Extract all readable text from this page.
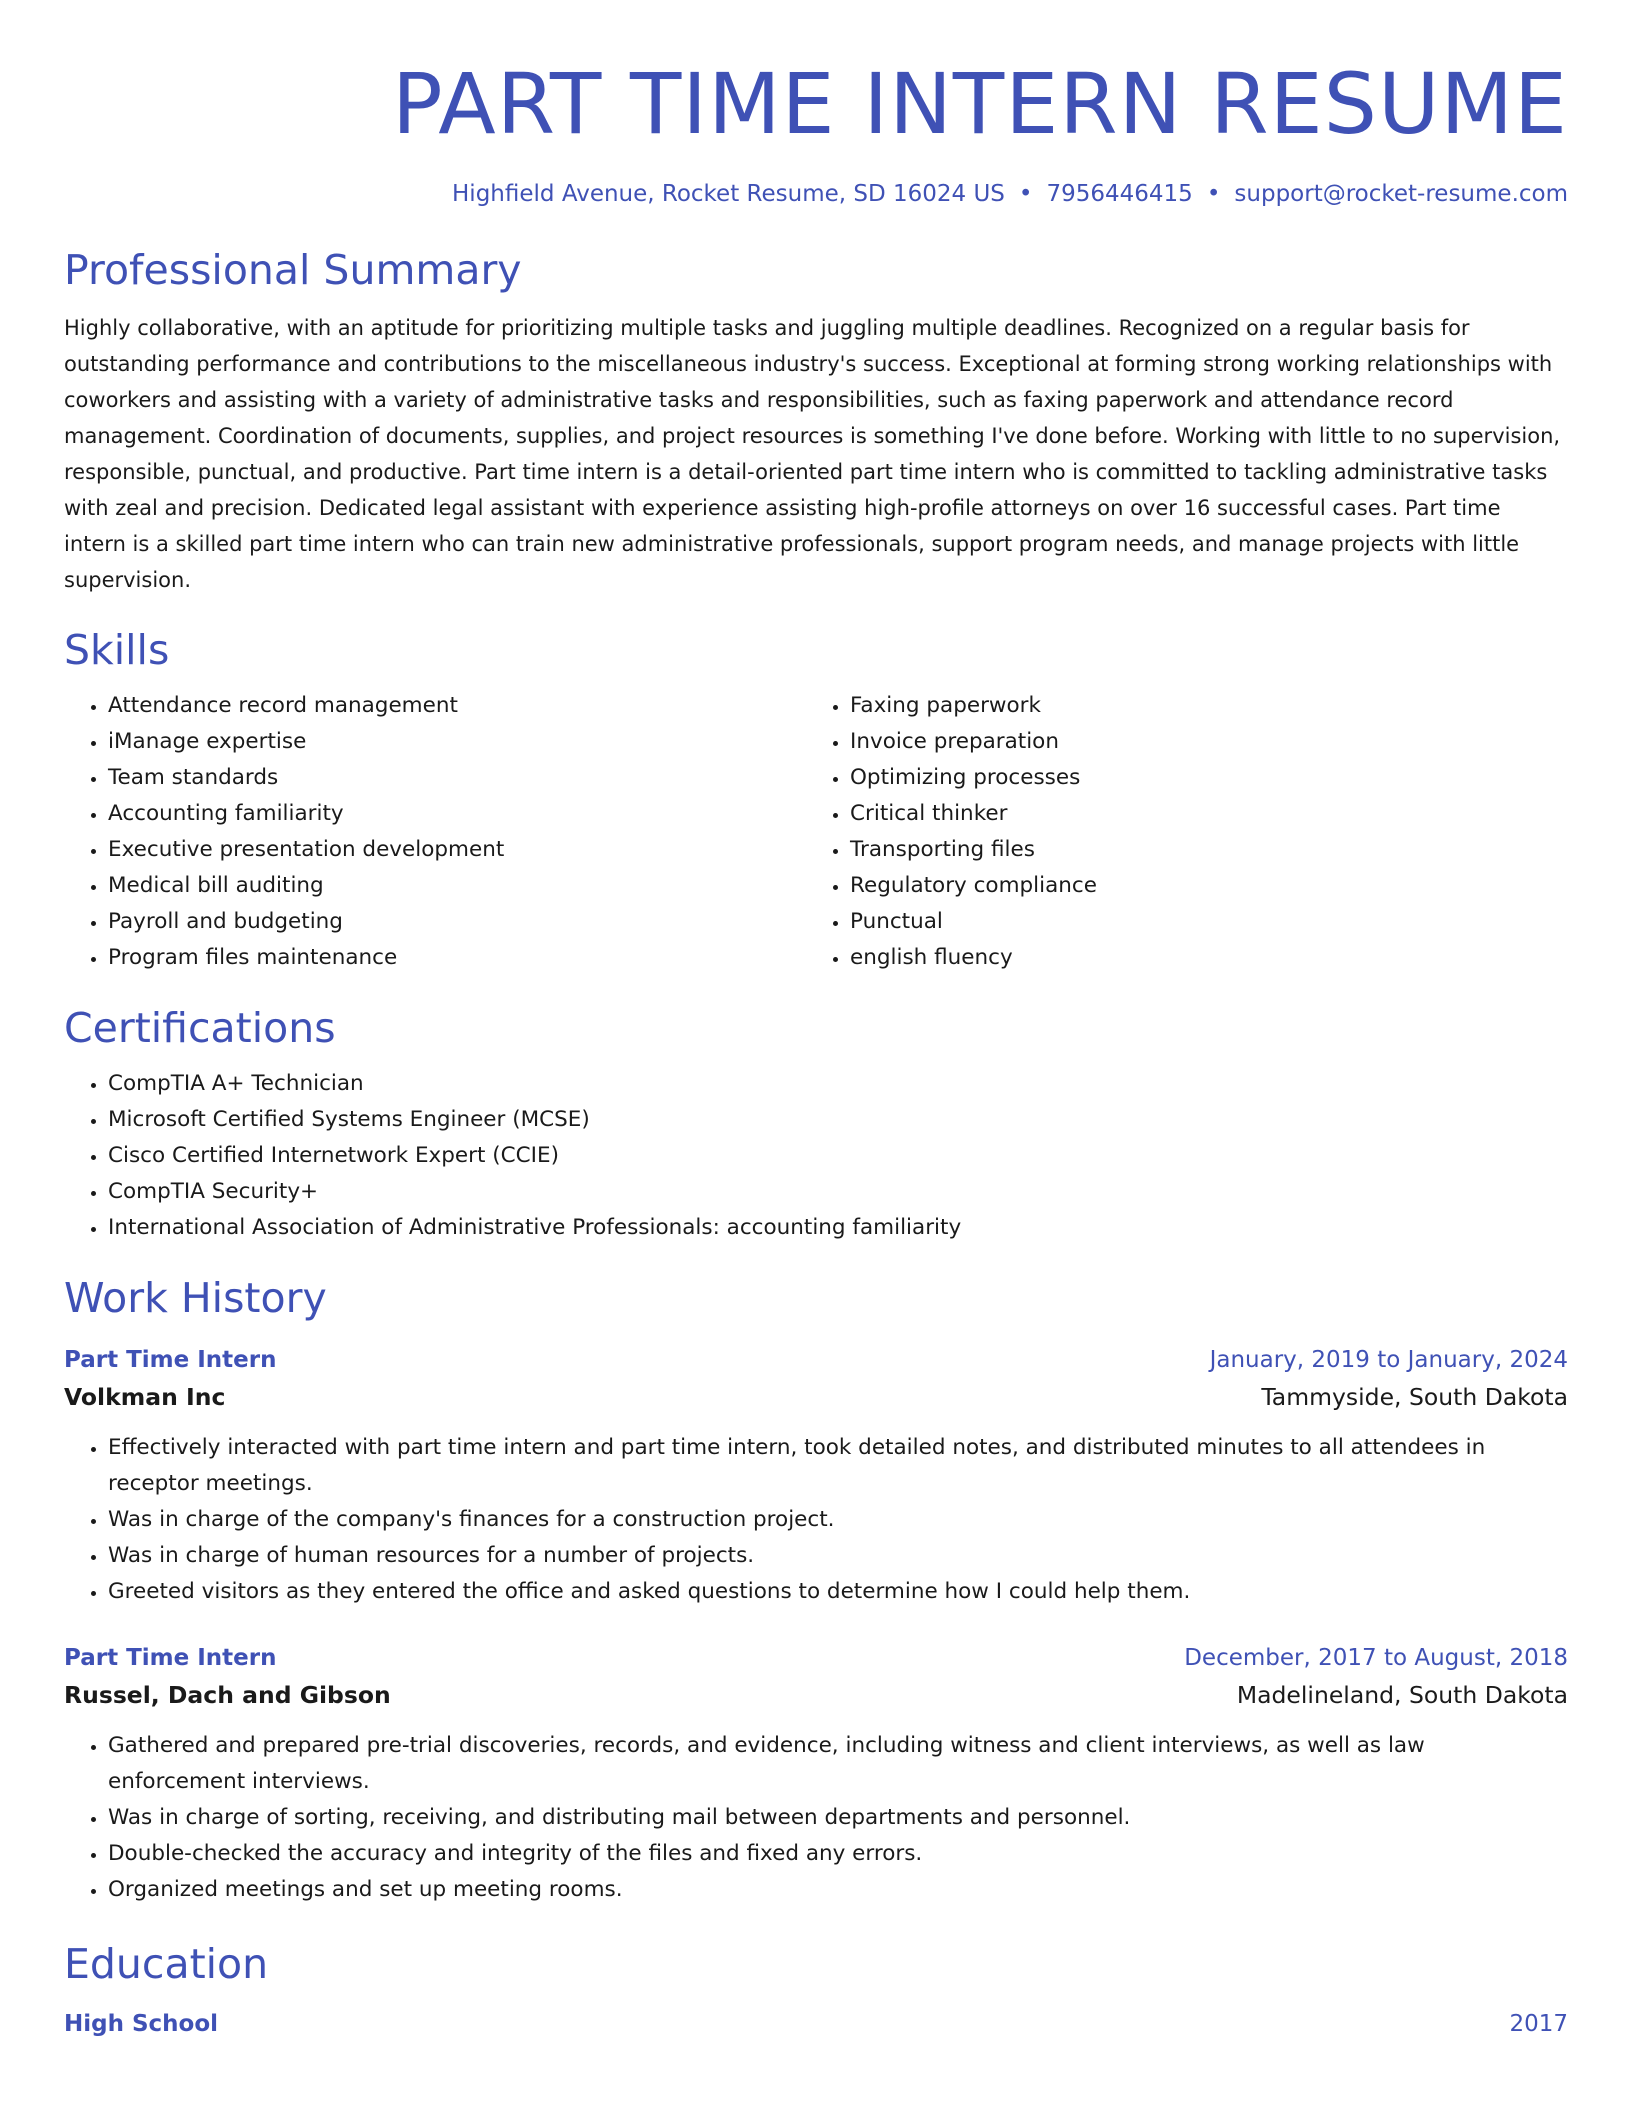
PART TIME INTERN RESUME
Highfield Avenue, Rocket Resume, SD 16024 US • 7956446415 • support@rocket-resume.com
Professional Summary

Highly collaborative, with an aptitude for prioritizing multiple tasks and juggling multiple deadlines. Recognized on a regular basis for outstanding performance and contributions to the miscellaneous industry's success. Exceptional at forming strong working relationships with coworkers and assisting with a variety of administrative tasks and responsibilities, such as faxing paperwork and attendance record management. Coordination of documents, supplies, and project resources is something I've done before. Working with little to no supervision, responsible, punctual, and productive. Part time intern is a detail-oriented part time intern who is committed to tackling administrative tasks with zeal and precision. Dedicated legal assistant with experience assisting high-profile attorneys on over 16 successful cases. Part time intern is a skilled part time intern who can train new administrative professionals, support program needs, and manage projects with little supervision.

Skills
• Attendance record management
• iManage expertise
• Team standards
• Accounting familiarity
• Executive presentation development
• Medical bill auditing
• Payroll and budgeting
• Program files maintenance
• Faxing paperwork
• Invoice preparation
• Optimizing processes
• Critical thinker
• Transporting files
• Regulatory compliance
• Punctual
• english fluency
Certifications
• CompTIA A+ Technician
• Microsoft Certified Systems Engineer (MCSE)
• Cisco Certified Internetwork Expert (CCIE)
• CompTIA Security+
• International Association of Administrative Professionals: accounting familiarity
Work History
Part Time Intern	January, 2019 to January, 2024
Volkman Inc	Tammyside, South Dakota
• Effectively interacted with part time intern and part time intern, took detailed notes, and distributed minutes to all attendees in receptor meetings.
• Was in charge of the company's finances for a construction project.
• Was in charge of human resources for a number of projects.
• Greeted visitors as they entered the office and asked questions to determine how I could help them.
Part Time Intern	December, 2017 to August, 2018
Russel, Dach and Gibson	Madelineland, South Dakota
• Gathered and prepared pre-trial discoveries, records, and evidence, including witness and client interviews, as well as law enforcement interviews.
• Was in charge of sorting, receiving, and distributing mail between departments and personnel.
• Double-checked the accuracy and integrity of the files and fixed any errors.
• Organized meetings and set up meeting rooms.
Education
High School	2017
